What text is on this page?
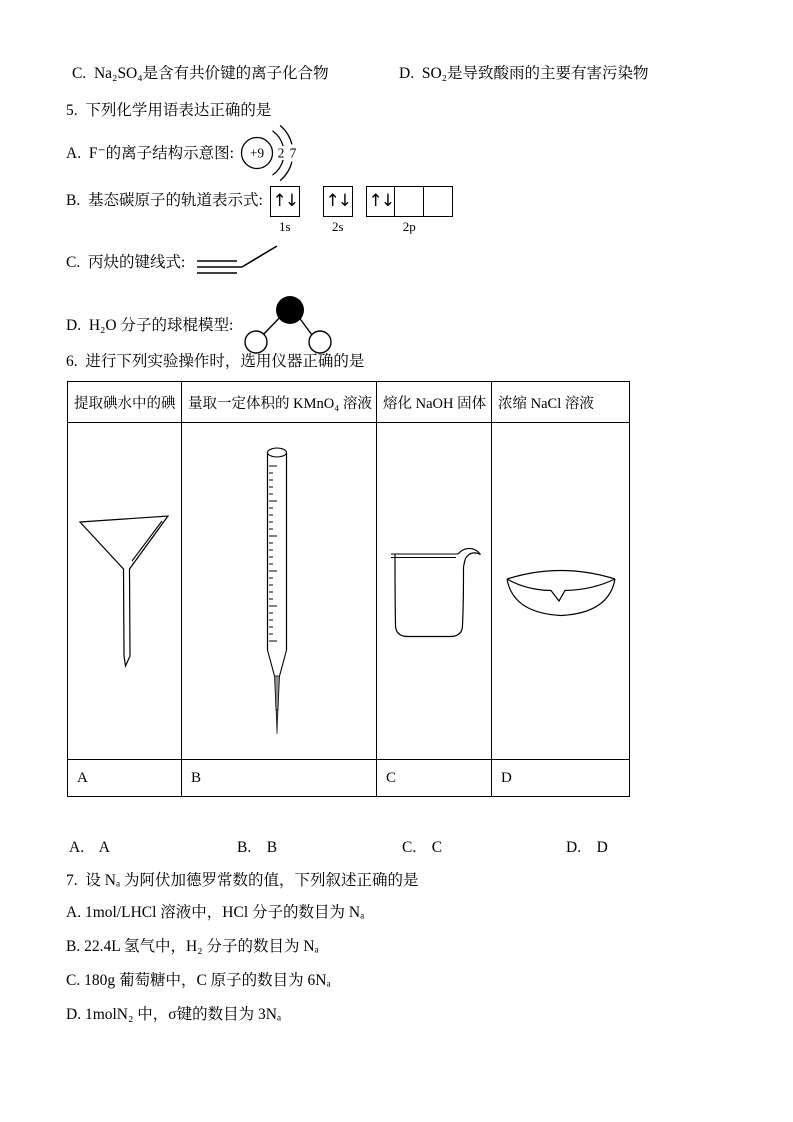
C.  Na₂SO₄是含有共价键的离子化合物	D.  SO₂是导致酸雨的主要有害污染物
5.  下列化学用语表达正确的是
A.  F⁻的离子结构示意图: +9 2 7
B.  基态碳原子的轨道表示式: ↑↓
1s
↑↓
2s
↑↓
2p
C.  丙炔的键线式:
D.  H₂O 分子的球棍模型:
6.  进行下列实验操作时，选用仪器正确的是
提取碘水中的碘	量取一定体积的 KMnO₄ 溶液	熔化 NaOH 固体	浓缩 NaCl 溶液

A	B	C	D
A.    A	B.    B	C.    C	D.    D
7.  设 Nₐ 为阿伏加德罗常数的值，下列叙述正确的是
A. 1mol/LHCl 溶液中，HCl 分子的数目为 Nₐ
B. 22.4L 氢气中，H₂ 分子的数目为 Nₐ
C. 180g 葡萄糖中，C 原子的数目为 6Nₐ
D. 1molN₂ 中，σ键的数目为 3Nₐ
